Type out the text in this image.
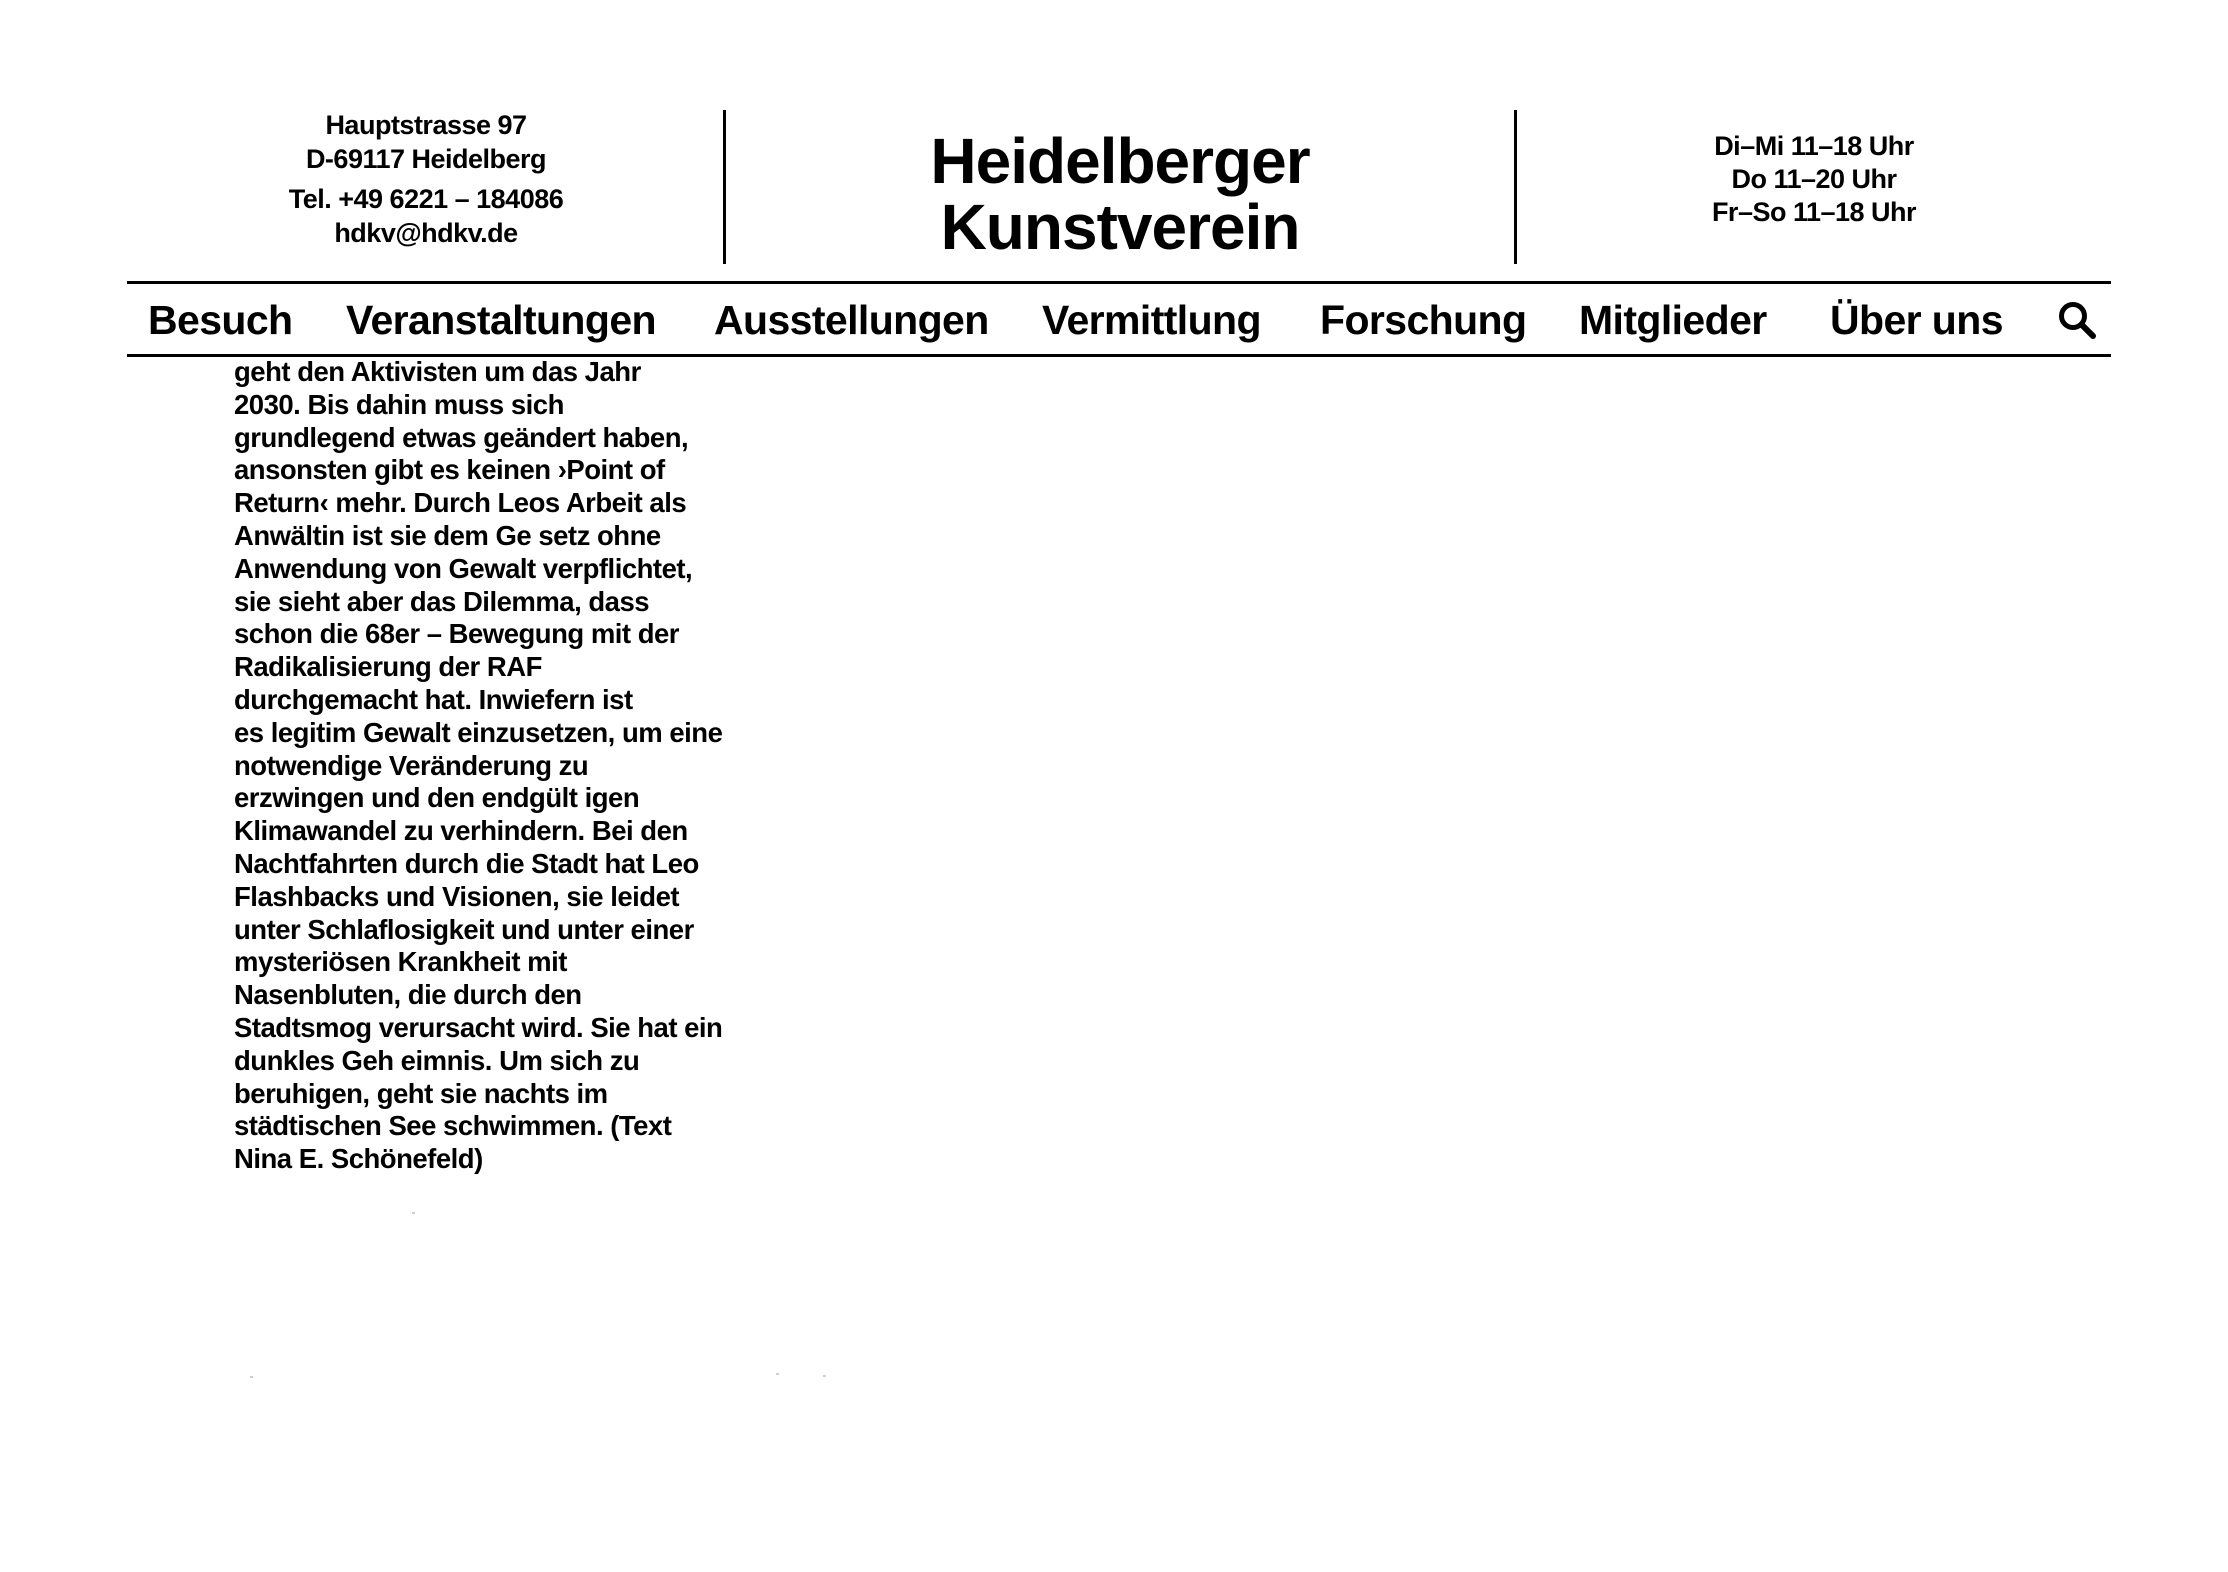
Hauptstrasse 97
D-69117 Heidelberg
Tel. +49 6221 – 184086
hdkv@hdkv.de
Heidelberger
Kunstverein
Di–Mi 11–18 Uhr
Do 11–20 Uhr
Fr–So 11–18 Uhr
Besuch Veranstaltungen Ausstellungen Vermittlung Forschung Mitglieder Über uns
geht den Aktivisten um das Jahr
2030. Bis dahin muss sich
grundlegend etwas geändert haben,
ansonsten gibt es keinen ›Point of
Return‹ mehr. Durch Leos Arbeit als
Anwältin ist sie dem Ge setz ohne
Anwendung von Gewalt verpflichtet,
sie sieht aber das Dilemma, dass
schon die 68er – Bewegung mit der
Radikalisierung der RAF
durchgemacht hat. Inwiefern ist
es legitim Gewalt einzusetzen, um eine
notwendige Veränderung zu
erzwingen und den endgült igen
Klimawandel zu verhindern. Bei den
Nachtfahrten durch die Stadt hat Leo
Flashbacks und Visionen, sie leidet
unter Schlaflosigkeit und unter einer
mysteriösen Krankheit mit
Nasenbluten, die durch den
Stadtsmog verursacht wird. Sie hat ein
dunkles Geh eimnis. Um sich zu
beruhigen, geht sie nachts im
städtischen See schwimmen. (Text
Nina E. Schönefeld)
